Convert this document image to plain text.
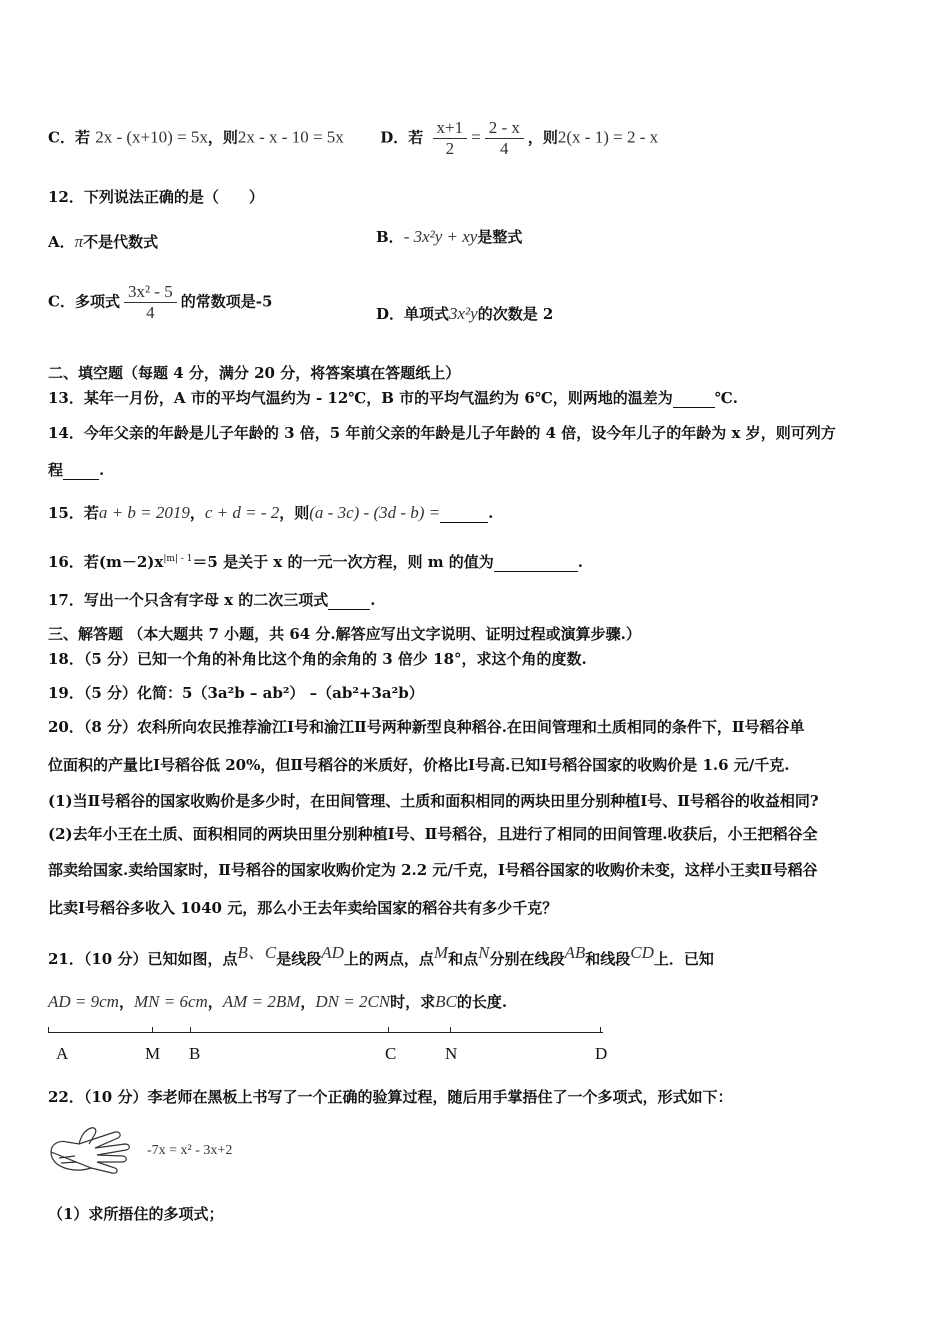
C．若 2x - (x+10) = 5x，则2x - x - 10 = 5x D．若 $\frac{x+1}{2} = \frac{2 - x}{4}$ ，则2(x - 1) = 2 - x
12．下列说法正确的是（　　）
A．π不是代数式	B．- 3x²y + xy是整式
C．多项式 $\frac{\text{3x² - 5}}{4}$ 的常数项是-5
D．单项式3x²y的次数是 2
二、填空题（每题 4 分，满分 20 分，将答案填在答题纸上）
13．某年一月份，A 市的平均气温约为 - 12℃，B 市的平均气温约为 6℃，则两地的温差为	℃.
14．今年父亲的年龄是儿子年龄的 3 倍，5 年前父亲的年龄是儿子年龄的 4 倍，设今年儿子的年龄为 x 岁，则可列方
程 .
15．若a + b = 2019，c + d = - 2，则(a - 3c) - (3d - b) =	.
16．若$(m-2)x^{|m| - 1}=5$ 是关于 x 的一元一次方程，则 m 的值为	.
17．写出一个只含有字母 x 的二次三项式	.
三、解答题 （本大题共 7 小题，共 64 分.解答应写出文字说明、证明过程或演算步骤.）
18．（5 分）已知一个角的补角比这个角的余角的 3 倍少 18°，求这个角的度数.
19．（5 分）化简：5（3a²b – ab²） –（ab²+3a²b）
20．（8 分）农科所向农民推荐渝江Ⅰ号和渝江Ⅱ号两种新型良种稻谷.在田间管理和土质相同的条件下，Ⅱ号稻谷单
位面积的产量比Ⅰ号稻谷低 20%，但Ⅱ号稻谷的米质好，价格比Ⅰ号高.已知Ⅰ号稻谷国家的收购价是 1.6 元/千克.
(1)当Ⅱ号稻谷的国家收购价是多少时，在田间管理、土质和面积相同的两块田里分别种植Ⅰ号、Ⅱ号稻谷的收益相同?
(2)去年小王在土质、面积相同的两块田里分别种植Ⅰ号、Ⅱ号稻谷，且进行了相同的田间管理.收获后，小王把稻谷全
部卖给国家.卖给国家时，Ⅱ号稻谷的国家收购价定为 2.2 元/千克，Ⅰ号稻谷国家的收购价未变，这样小王卖Ⅱ号稻谷
比卖Ⅰ号稻谷多收入 1040 元，那么小王去年卖给国家的稻谷共有多少千克？
21．（10 分）已知如图，点B、C是线段AD上的两点，点M和点N分别在线段AB和线段CD上．已知
AD = 9cm，MN = 6cm，AM = 2BM，DN = 2CN时，求BC的长度.
A	M B	C	N	D
22．（10 分）李老师在黑板上书写了一个正确的验算过程，随后用手掌捂住了一个多项式，形式如下：
-7x = x² - 3x+2
（1）求所捂住的多项式；
